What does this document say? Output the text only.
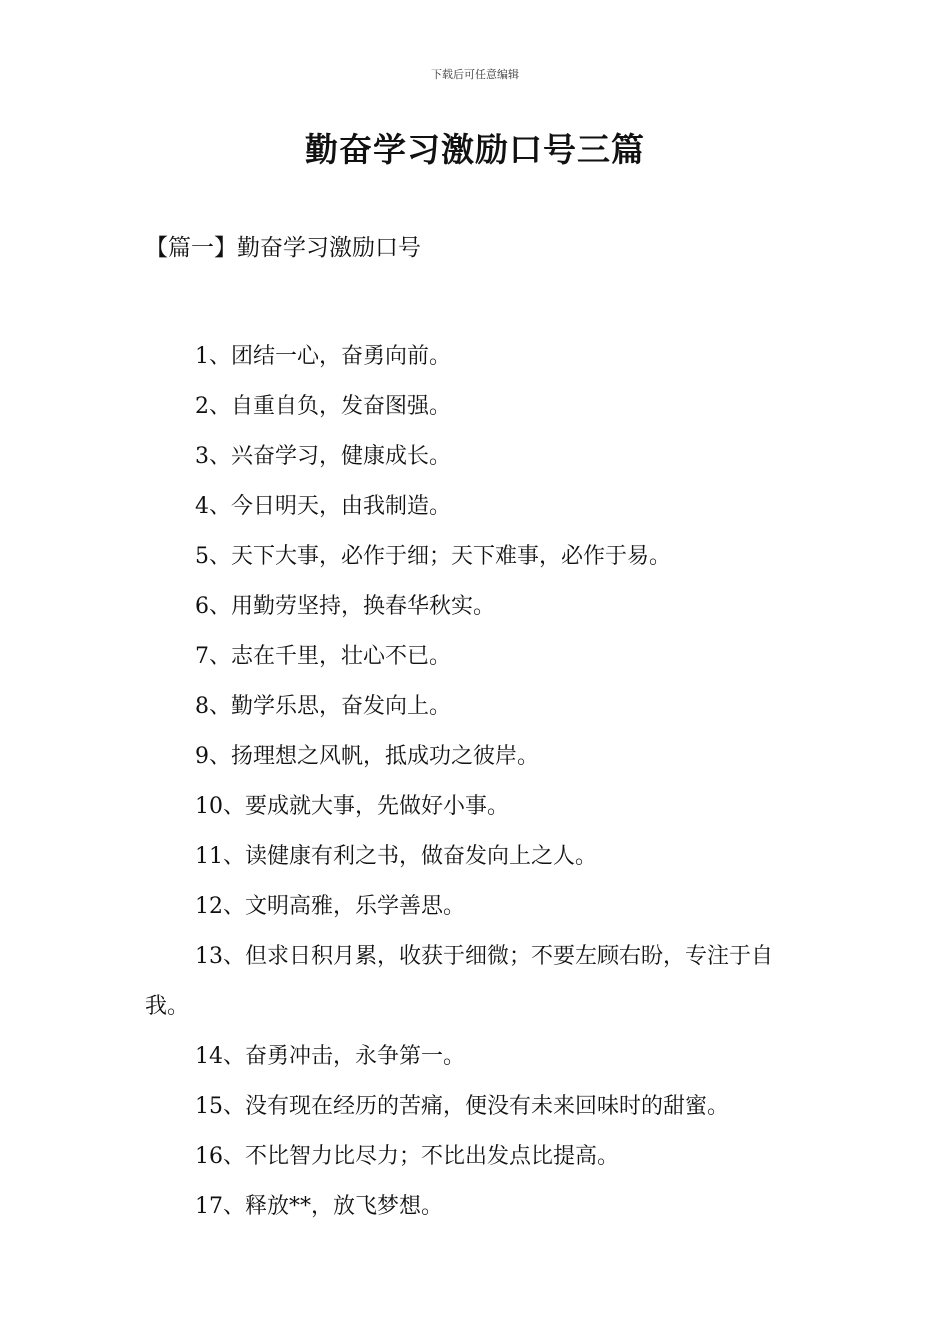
下载后可任意编辑
勤奋学习激励口号三篇
【篇一】勤奋学习激励口号
1、团结一心，奋勇向前。
2、自重自负，发奋图强。
3、兴奋学习，健康成长。
4、今日明天，由我制造。
5、天下大事，必作于细；天下难事，必作于易。
6、用勤劳坚持，换春华秋实。
7、志在千里，壮心不已。
8、勤学乐思，奋发向上。
9、扬理想之风帆，抵成功之彼岸。
10、要成就大事，先做好小事。
11、读健康有利之书，做奋发向上之人。
12、文明高雅，乐学善思。
13、但求日积月累，收获于细微；不要左顾右盼，专注于自我。
14、奋勇冲击，永争第一。
15、没有现在经历的苦痛，便没有未来回味时的甜蜜。
16、不比智力比尽力；不比出发点比提高。
17、释放**，放飞梦想。
